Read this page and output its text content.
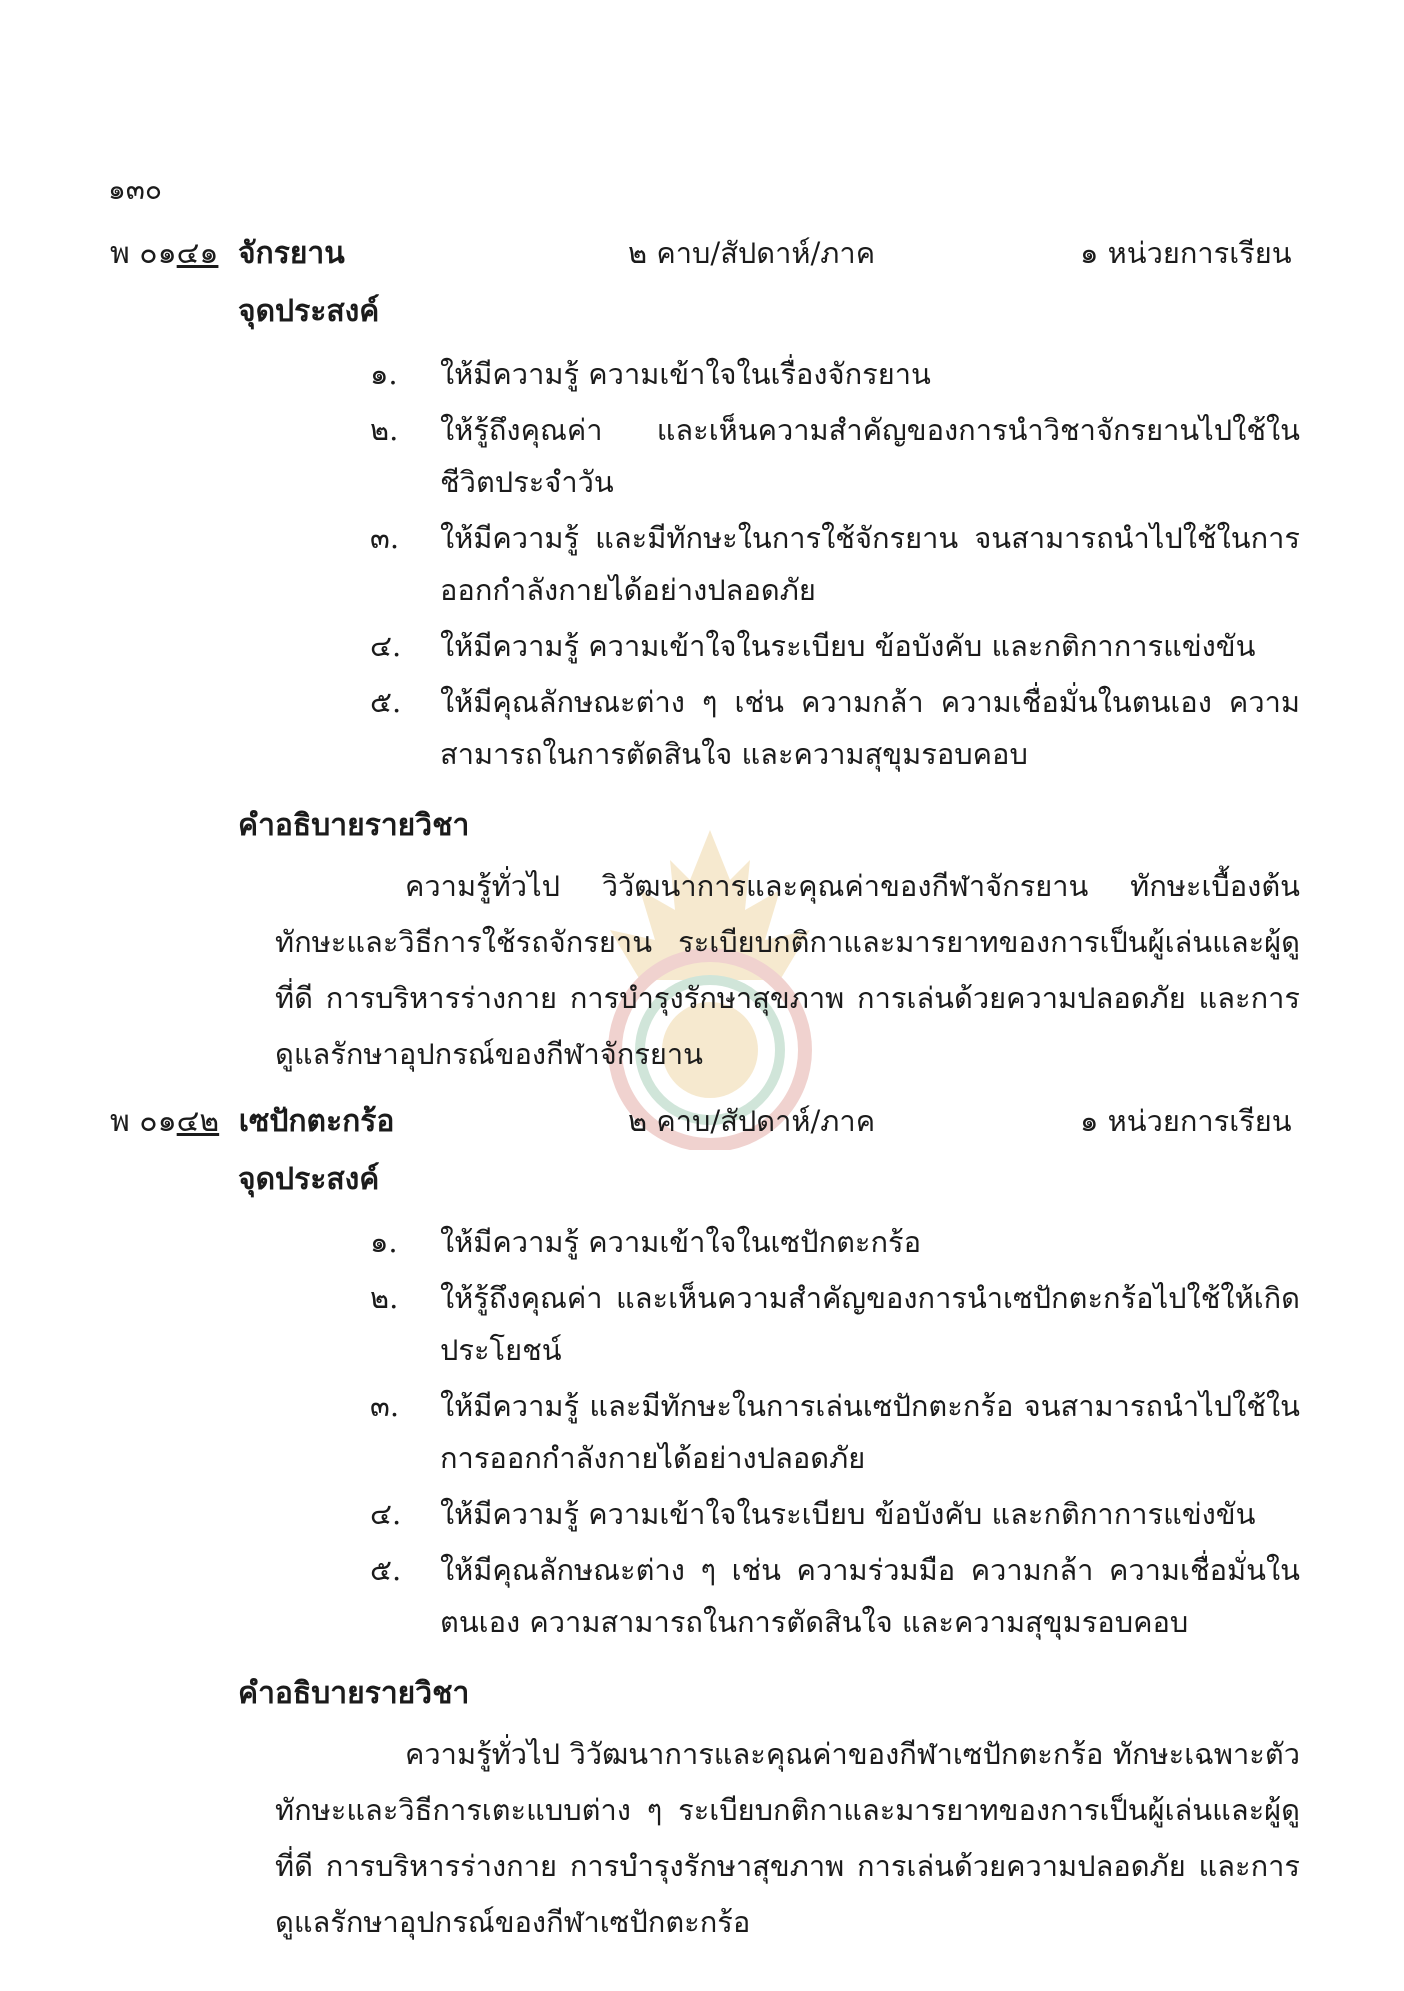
๑๓๐
พ ๐๑๔๑ จักรยาน	๒ คาบ/สัปดาห์/ภาค	๑ หน่วยการเรียน
จุดประสงค์
๑. ให้มีความรู้ ความเข้าใจในเรื่องจักรยาน
๒. ให้รู้ถึงคุณค่า และเห็นความสำคัญของการนำวิชาจักรยานไปใช้ในชีวิตประจำวัน
๓. ให้มีความรู้ และมีทักษะในการใช้จักรยาน จนสามารถนำไปใช้ในการออกกำลังกายได้อย่างปลอดภัย
๔. ให้มีความรู้ ความเข้าใจในระเบียบ ข้อบังคับ และกติกาการแข่งขัน
๕. ให้มีคุณลักษณะต่าง ๆ เช่น ความกล้า ความเชื่อมั่นในตนเอง ความสามารถในการตัดสินใจ และความสุขุมรอบคอบ
คำอธิบายรายวิชา

ความรู้ทั่วไป วิวัฒนาการและคุณค่าของกีฬาจักรยาน ทักษะเบื้องต้น ทักษะและวิธีการใช้รถจักรยาน ระเบียบกติกาและมารยาทของการเป็นผู้เล่นและผู้ดูที่ดี การบริหารร่างกาย การบำรุงรักษาสุขภาพ การเล่นด้วยความปลอดภัย และการดูแลรักษาอุปกรณ์ของกีฬาจักรยาน

พ ๐๑๔๒ เซปักตะกร้อ	๒ คาบ/สัปดาห์/ภาค	๑ หน่วยการเรียน
จุดประสงค์
๑. ให้มีความรู้ ความเข้าใจในเซปักตะกร้อ
๒. ให้รู้ถึงคุณค่า และเห็นความสำคัญของการนำเซปักตะกร้อไปใช้ให้เกิดประโยชน์
๓. ให้มีความรู้ และมีทักษะในการเล่นเซปักตะกร้อ จนสามารถนำไปใช้ในการออกกำลังกายได้อย่างปลอดภัย
๔. ให้มีความรู้ ความเข้าใจในระเบียบ ข้อบังคับ และกติกาการแข่งขัน
๕. ให้มีคุณลักษณะต่าง ๆ เช่น ความร่วมมือ ความกล้า ความเชื่อมั่นในตนเอง ความสามารถในการตัดสินใจ และความสุขุมรอบคอบ
คำอธิบายรายวิชา

ความรู้ทั่วไป วิวัฒนาการและคุณค่าของกีฬาเซปักตะกร้อ ทักษะเฉพาะตัว ทักษะและวิธีการเตะแบบต่าง ๆ ระเบียบกติกาและมารยาทของการเป็นผู้เล่นและผู้ดูที่ดี การบริหารร่างกาย การบำรุงรักษาสุขภาพ การเล่นด้วยความปลอดภัย และการดูแลรักษาอุปกรณ์ของกีฬาเซปักตะกร้อ
